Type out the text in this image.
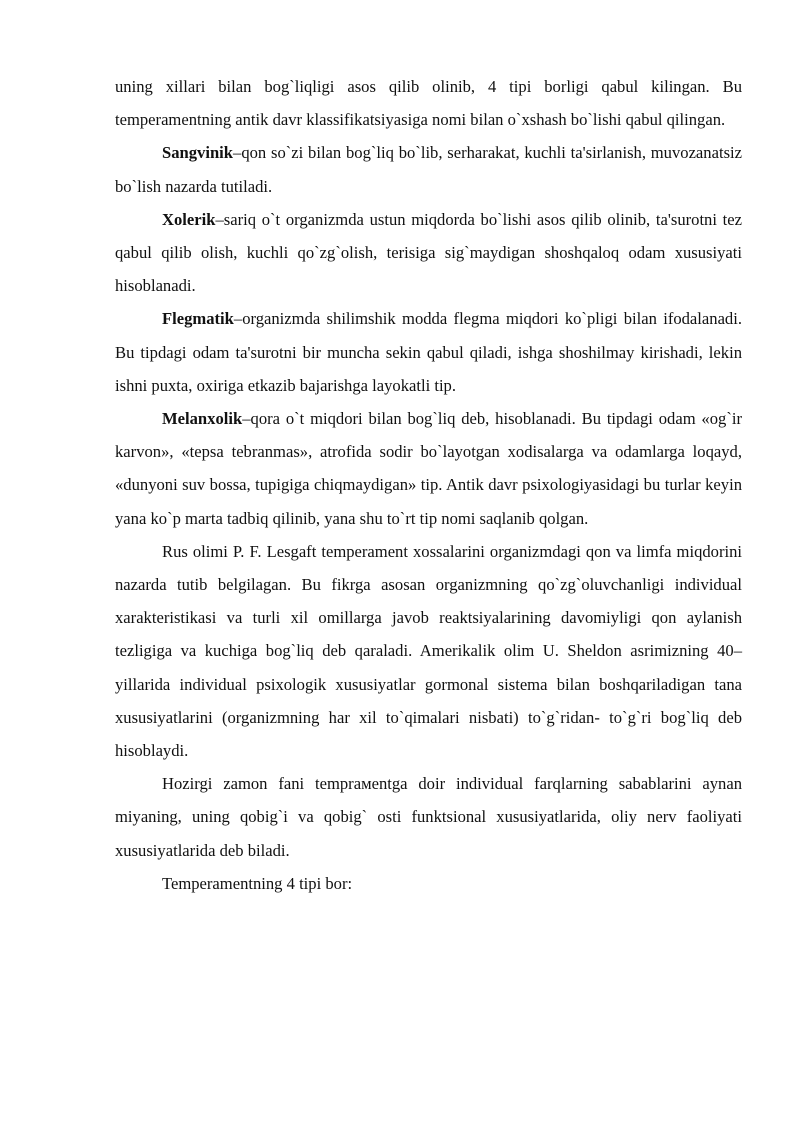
uning xillari bilan bog`liqligi asos qilib olinib, 4 tipi borligi qabul kilingan. Bu temperamentning antik davr klassifikatsiyasiga nomi bilan o`xshash bo`lishi qabul qilingan.

Sangvinik–qon so`zi bilan bog`liq bo`lib, serharakat, kuchli ta'sirlanish, muvozanatsiz bo`lish nazarda tutiladi.

Xolerik–sariq o`t organizmda ustun miqdorda bo`lishi asos qilib olinib, ta'surotni tez qabul qilib olish, kuchli qo`zg`olish, terisiga sig`maydigan shoshqaloq odam xususiyati hisoblanadi.

Flegmatik–organizmda shilimshik modda flegma miqdori ko`pligi bilan ifodalanadi. Bu tipdagi odam ta'surotni bir muncha sekin qabul qiladi, ishga shoshilmay kirishadi, lekin ishni puxta, oxiriga etkazib bajarishga layokatli tip.

Melanxolik–qora o`t miqdori bilan bog`liq deb, hisoblanadi. Bu tipdagi odam «og`ir karvon», «tepsa tebranmas», atrofida sodir bo`layotgan xodisalarga va odamlarga loqayd, «dunyoni suv bossa, tupigiga chiqmaydigan» tip. Antik davr psixologiyasidagi bu turlar keyin yana ko`p marta tadbiq qilinib, yana shu to`rt tip nomi saqlanib qolgan.

Rus olimi P. F. Lesgaft temperament xossalarini organizmdagi qon va limfa miqdorini nazarda tutib belgilagan. Bu fikrga asosan organizmning qo`zg`oluvchanligi individual xarakteristikasi va turli xil omillarga javob reaktsiyalarining davomiyligi qon aylanish tezligiga va kuchiga bog`liq deb qaraladi. Amerikalik olim U. Sheldon asrimizning 40–yillarida individual psixologik xususiyatlar gormonal sistema bilan boshqariladigan tana xususiyatlarini (organizmning har xil to`qimalari nisbati) to`g`ridan- to`g`ri bog`liq deb hisoblaydi.

Hozirgi zamon fani temprамentga doir individual farqlarning sabablarini aynan miyaning, uning qobig`i va qobig` osti funktsional xususiyatlarida, oliy nerv faoliyati xususiyatlarida deb biladi.

Temperamentning 4 tipi bor:
